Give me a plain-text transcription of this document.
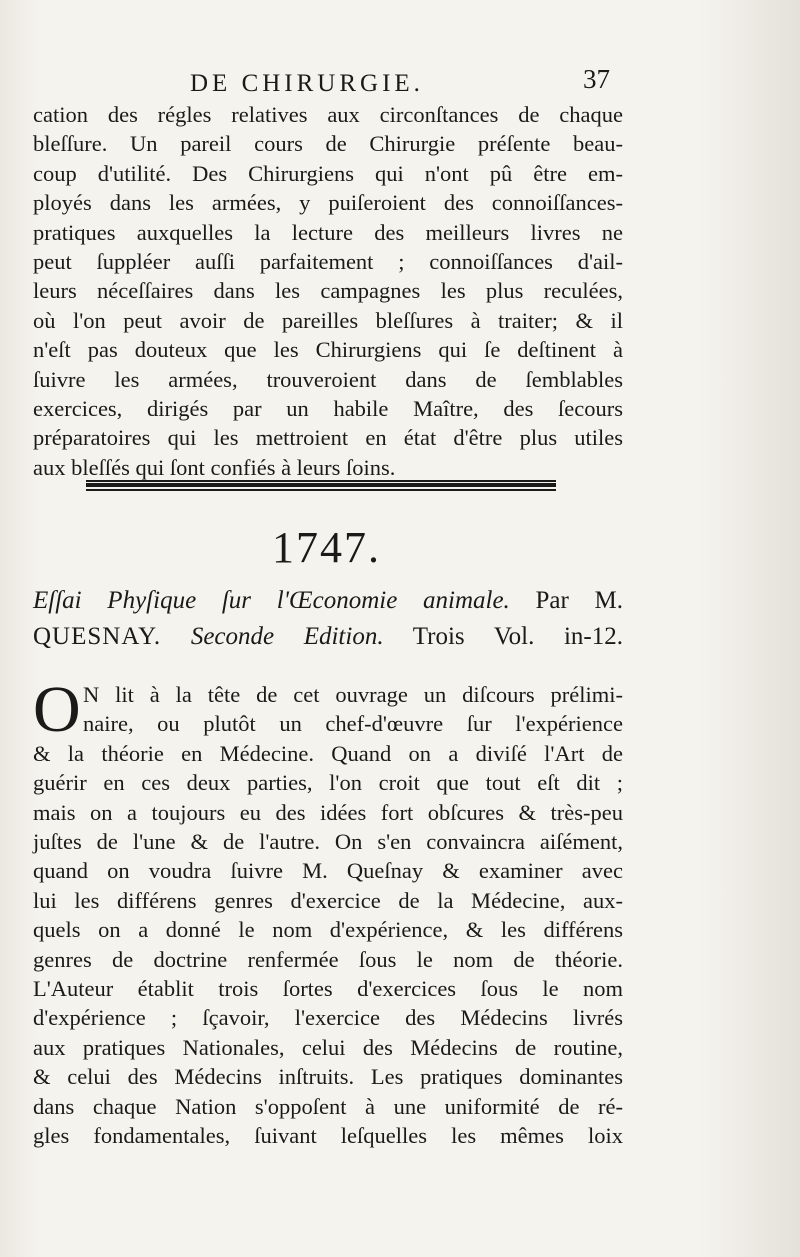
DE CHIRURGIE.	37
cation des régles relatives aux circonſtances de chaque
bleſſure. Un pareil cours de Chirurgie préſente beau-
coup d'utilité. Des Chirurgiens qui n'ont pû être em-
ployés dans les armées, y puiſeroient des connoiſſances-
pratiques auxquelles la lecture des meilleurs livres ne
peut ſuppléer auſſi parfaitement ; connoiſſances d'ail-
leurs néceſſaires dans les campagnes les plus reculées,
où l'on peut avoir de pareilles bleſſures à traiter; & il
n'eſt pas douteux que les Chirurgiens qui ſe deſtinent à
ſuivre les armées, trouveroient dans de ſemblables
exercices, dirigés par un habile Maître, des ſecours
préparatoires qui les mettroient en état d'être plus utiles
aux bleſſés qui ſont confiés à leurs ſoins.
1747.
Eſſai Phyſique ſur l'Œconomie animale. Par M.
QUESNAY. Seconde Edition. Trois Vol. in-12.
O N lit à la tête de cet ouvrage un diſcours prélimi-
naire, ou plutôt un chef-d'œuvre ſur l'expérience
& la théorie en Médecine. Quand on a diviſé l'Art de
guérir en ces deux parties, l'on croit que tout eſt dit ;
mais on a toujours eu des idées fort obſcures & très-peu
juſtes de l'une & de l'autre. On s'en convaincra aiſément,
quand on voudra ſuivre M. Queſnay & examiner avec
lui les différens genres d'exercice de la Médecine, aux-
quels on a donné le nom d'expérience, & les différens
genres de doctrine renfermée ſous le nom de théorie.
L'Auteur établit trois ſortes d'exercices ſous le nom
d'expérience ; ſçavoir, l'exercice des Médecins livrés
aux pratiques Nationales, celui des Médecins de routine,
& celui des Médecins inſtruits. Les pratiques dominantes
dans chaque Nation s'oppoſent à une uniformité de ré-
gles fondamentales, ſuivant leſquelles les mêmes loix
